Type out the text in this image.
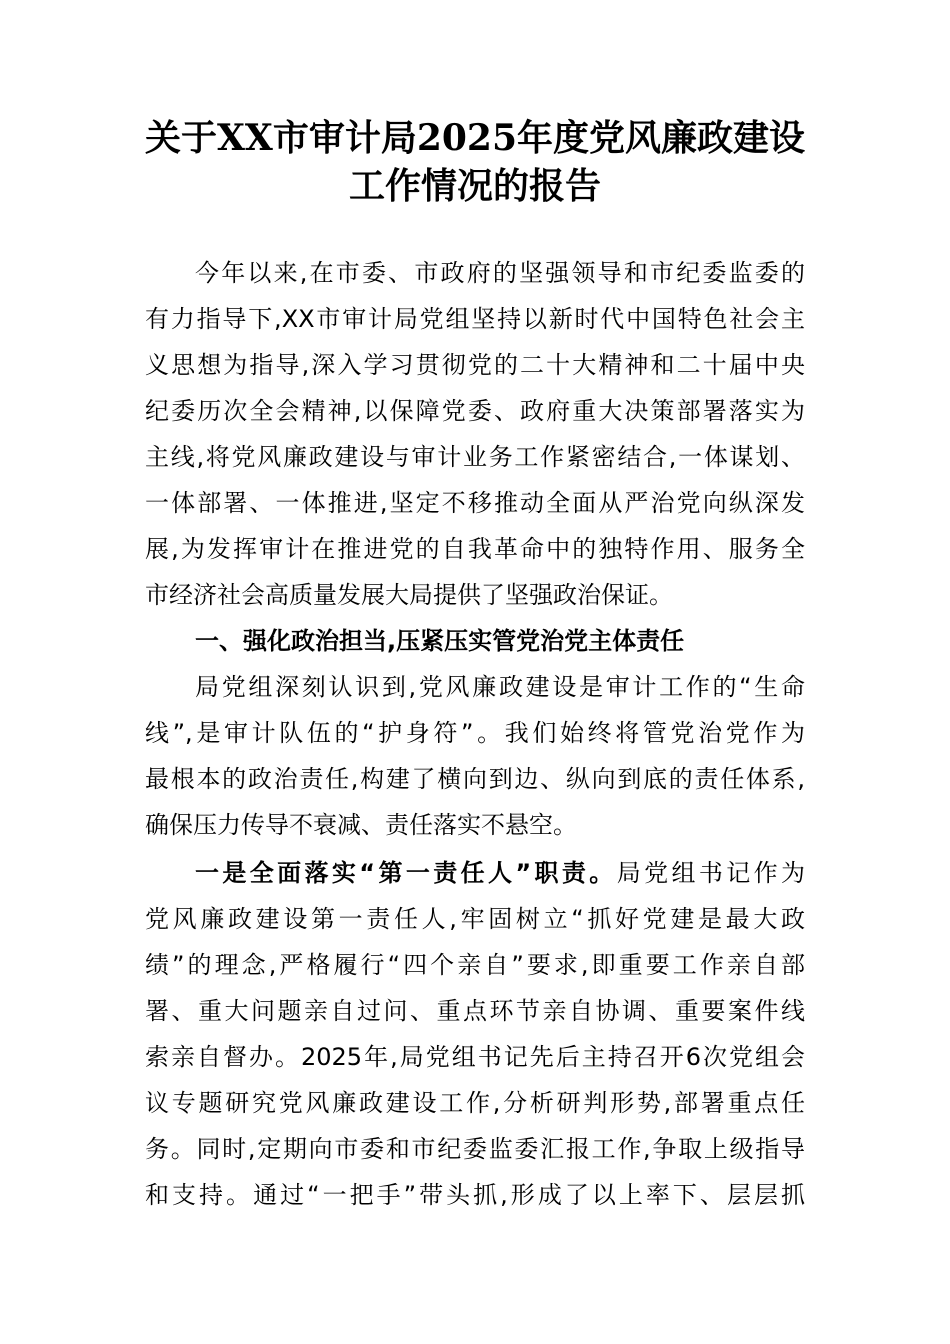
关于XX市审计局2025年度党风廉政建设
工作情况的报告
今年以来,在市委、市政府的坚强领导和市纪委监委的
有力指导下,XX市审计局党组坚持以新时代中国特色社会主
义思想为指导,深入学习贯彻党的二十大精神和二十届中央
纪委历次全会精神,以保障党委、政府重大决策部署落实为
主线,将党风廉政建设与审计业务工作紧密结合,一体谋划、
一体部署、一体推进,坚定不移推动全面从严治党向纵深发
展,为发挥审计在推进党的自我革命中的独特作用、服务全
市经济社会高质量发展大局提供了坚强政治保证。
一、强化政治担当,压紧压实管党治党主体责任
局党组深刻认识到,党风廉政建设是审计工作的“生命
线”,是审计队伍的“护身符”。我们始终将管党治党作为
最根本的政治责任,构建了横向到边、纵向到底的责任体系,
确保压力传导不衰减、责任落实不悬空。
一是全面落实“第一责任人”职责。局党组书记作为
党风廉政建设第一责任人,牢固树立“抓好党建是最大政
绩”的理念,严格履行“四个亲自”要求,即重要工作亲自部
署、重大问题亲自过问、重点环节亲自协调、重要案件线
索亲自督办。2025年,局党组书记先后主持召开6次党组会
议专题研究党风廉政建设工作,分析研判形势,部署重点任
务。同时,定期向市委和市纪委监委汇报工作,争取上级指导
和支持。通过“一把手”带头抓,形成了以上率下、层层抓
